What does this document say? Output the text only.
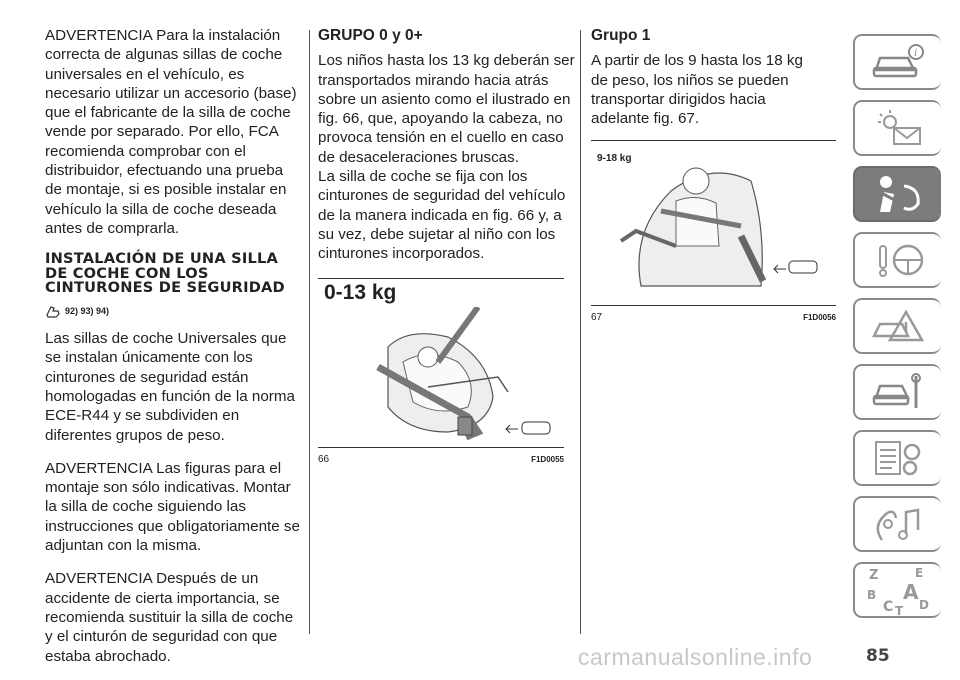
ADVERTENCIA Para la instalación correcta de algunas sillas de coche universales en el vehículo, es necesario utilizar un accesorio (base) que el fabricante de la silla de coche vende por separado. Por ello, FCA recomienda comprobar con el distribuidor, efectuando una prueba de montaje, si es posible instalar en vehículo la silla de coche deseada antes de comprarla.

INSTALACIÓN DE UNA SILLA DE COCHE CON LOS CINTURONES DE SEGURIDAD
92) 93) 94)

Las sillas de coche Universales que se instalan únicamente con los cinturones de seguridad están homologadas en función de la norma ECE-R44 y se subdividen en diferentes grupos de peso.

ADVERTENCIA Las figuras para el montaje son sólo indicativas. Montar la silla de coche siguiendo las instrucciones que obligatoriamente se adjuntan con la misma.

ADVERTENCIA Después de un accidente de cierta importancia, se recomienda sustituir la silla de coche y el cinturón de seguridad con que estaba abrochado.

GRUPO 0 y 0+

Los niños hasta los 13 kg deberán ser transportados mirando hacia atrás sobre un asiento como el ilustrado en fig. 66, que, apoyando la cabeza, no provoca tensión en el cuello en caso de desaceleraciones bruscas.

La silla de coche se fija con los cinturones de seguridad del vehículo de la manera indicada en fig. 66 y, a su vez, debe sujetar al niño con los cinturones incorporados.

0-13 kg
66	F1D0055
Grupo 1

A partir de los 9 hasta los 18 kg de peso, los niños se pueden transportar dirigidos hacia adelante fig. 67.

9-18 kg
67	F1D0056
i
Z	E
B A
C D
T
85
carmanualsonline.info
